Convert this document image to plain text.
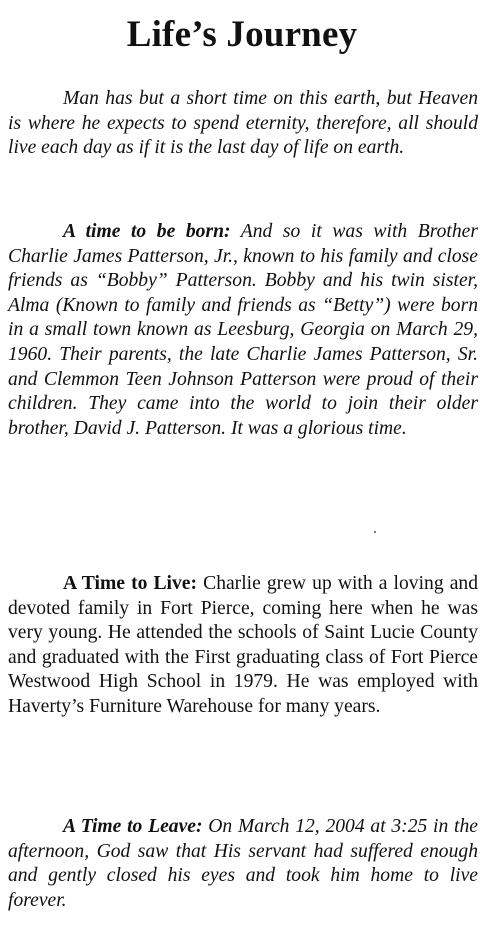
Life’s Journey

Man has but a short time on this earth, but Heaven is where he expects to spend eternity, therefore, all should live each day as if it is the last day of life on earth.

A time to be born: And so it was with Brother Charlie James Patterson, Jr., known to his family and close friends as “Bobby” Patterson. Bobby and his twin sister, Alma (Known to family and friends as “Betty”) were born in a small town known as Leesburg, Georgia on March 29, 1960. Their parents, the late Charlie James Patterson, Sr. and Clemmon Teen Johnson Patterson were proud of their children. They came into the world to join their older brother, David J. Patterson. It was a glorious time.

A Time to Live: Charlie grew up with a loving and devoted family in Fort Pierce, coming here when he was very young. He attended the schools of Saint Lucie County and graduated with the First graduating class of Fort Pierce Westwood High School in 1979. He was employed with Haverty’s Furniture Warehouse for many years.

A Time to Leave: On March 12, 2004 at 3:25 in the afternoon, God saw that His servant had suffered enough and gently closed his eyes and took him home to live forever.
